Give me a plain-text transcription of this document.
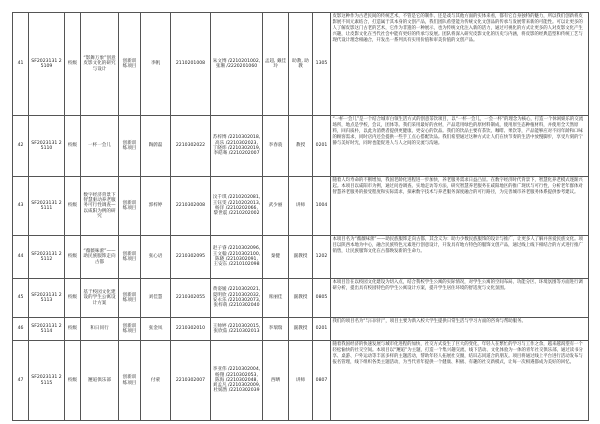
41	SF2023131 25109	校级	“影舞万象”创意皮影文化的研究与设计	创新训练项目	李帆	2110201008	朱文博 /2210201002, 张珊 /2220201060	孟超, 戴佳玲	助教, 助教	1305	皮影这种作为古老民间的传统艺术，不管是它的制作、还是戏与其他方面的实体来看，都有它自身独特的魅力，所以我们创新将皮影展不同元素结合，打造属于其本身的文创产品，我们团队希望能为传统文化文创品的传承与发展带来新的可能性。可以让更多的人了解皮影这门古老的艺术，它作为非遗的一种展示，也为传统文化注入新的活力，通过可视化的方式让更多的人对皮影文化产生兴趣，让皮影文化在当代社会中能有更好的传承与发展。团队将深入研究皮影文化的历史与内涵，将皮影的经典造型和传统工艺与现代设计理念相融合，开发出一系列具有实用价值和审美价值的文创产品。
42	SF2023131 25110	校级	一杯一会儿	创新训练项目	陶蔚磊	2210302022	苏梓博 /2210302018, 高乐 /2210302023, 丁晓炜 /2210302019, 李皓骞 /2210202007	李春骁	教授	0201	“一杯一会儿”是一个结合城市白领生活方式的创意茶饮项目，以“一杯一会儿，一会一杯”的理念为核心，打造一个休闲娱乐的交流场所，地点是学校，会议，团体等。我们采用最好的食材，产品选用绿色的原材料制成，使用原生态种植材料，并使用全天然原料，回归质朴，以此为消费者提供更健康、更安心的饮品。我们的饮品主要有茶饮、咖啡、果饮等，产品能够应对不同年龄和口味的顾客需求，同时店内还会提供一些手工点心搭配饮品。我们希望通过这种方式让人们在快节奏的生活中放慢脚步，享受片刻的宁静与美好时光，同时也能促进人与人之间的交流与沟通。
43	SF2023131 25111	校级	数字经济背景下智慧驱动养老服务可行性调查—以咸阳为例的研究	创新训练项目	郭梓婷	2210302008	汶千琪 /2210202081, 王钰雯 /2210202013, 杨洋 /2210202066, 黎世震 /2210202002	武少丽	讲师	1004	随着人均寿命的不断增加，我国老龄化进程进一步加快，养老服务需求日益凸显。在数字经济时代背景下，智慧化养老模式逐渐兴起。本项目以咸阳市为例，通过问卷调查、实地走访等方法，研究智慧养老服务在咸阳地区的推广现状与可行性，分析老年群体对智慧养老服务的接受程度和实际需求，探索数字技术与养老服务深度融合的可行路径，为完善城市养老服务体系提供参考建议。
44	SF2023131 25112	校级	“薇薇味蕾”——助民族服饰走向古都	创新训练项目	张心语	2210302095	赵子睿 /2210302096, 王文翰 /2210302100, 陈晓 /2210302091, 王安东 /2210102098	秦健	副教授	1202	本项目名为“薇薇味蕾”——助民族服饰走向古都，其含义为：助力少数民族服饰的设计与推广，让更多人了解并喜爱民族文化。项目以陕西本地为中心，融合民族特色元素进行创意设计，开发具有地方特色的服饰文创产品，通过线上线下相结合的方式进行推广销售，让民族服饰文化在古都焕发新的生命力。
45	SF2023131 25113	校级	基于校园文化建设的学生公寓设计方案	创新训练项目	刘佳慧	2210302055	黄姿媛 /2210302021, 夏明欣 /2210302032, 安永乐 /2210302073, 张梓萌 /2210302040	席丽佳	副教授	0805	本项目旨在以校园文化建设为切入点，结合我校学生公寓的实际情况，对学生公寓的空间布局、功能分区、环境氛围等方面进行调研分析，提出具有校园特色的学生公寓设计方案，提升学生居住环境的舒适度与文化氛围。
46	SF2023131 25114	校级	和日同行	创新训练项目	张金凤	2210302010	王帅婷 /2210302015, 张欣茹 /2210302013	李瑞瑞	副教授	0201	我们的项目名为“与日同行”，项目主要为新入校大学生提供日常生活与学习方面的咨询与帮助服务。
47	SF2023131 25115	校级	邂逅俱乐部	创新训练项目	付蒙	2210302007	李亚伟 /2210302004, 杨翔 /2210302053, 陈海 /2210302048, 刘孟凡 /2210302009, 杜嫣然 /2210302039	西晒	讲师	0807	随着我国经济的快速发展与城市化进程的加快，社交方式发生了巨大的变化，年轻人在繁忙的学习与工作之余，越来越渴望有一个轻松愉快的社交空间。本项目以“邂逅”为主题，打造一个集兴趣交流、线下活动、文化体验为一体的青年社交俱乐部，通过读书分享、桌游、户外运动等丰富多样的主题活动，帮助年轻人拓展社交圈，结识志同道合的朋友。项目将通过线上平台进行活动发布与报名管理，线下组织各类主题活动，为当代青年提供一个健康、积极、有趣的社交新模式，让每一次相遇都成为美好的回忆。
